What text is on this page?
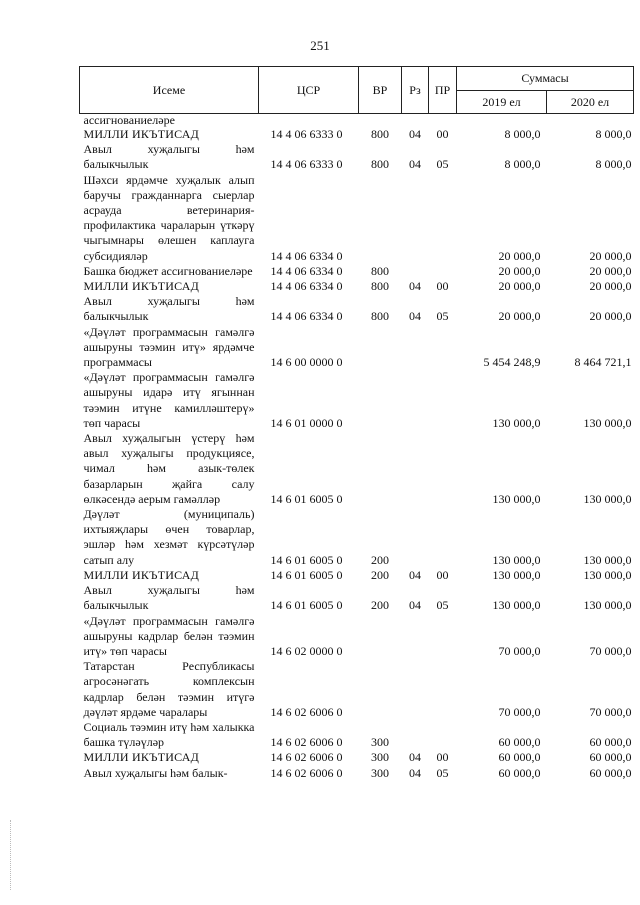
251
Исеме	ЦСР	ВР	Рз	ПР	Суммасы	
					2019 ел	2020 ел
ассигнованиеләре						
МИЛЛИ ИКЪТИСАД	14 4 06 6333 0	800	04	00	8 000,0	8 000,0
Авыл хуҗалыгы һәм балыкчылык	14 4 06 6333 0	800	04	05	8 000,0	8 000,0
Шәхси ярдәмче хуҗалык алып баручы гражданнарга сыерлар асрауда ветеринария-профилактика чараларын үткәрү чыгымнары өлешен каплауга субсидияләр	14 4 06 6334 0				20 000,0	20 000,0
Башка бюджет ассигнованиеләре	14 4 06 6334 0	800			20 000,0	20 000,0
МИЛЛИ ИКЪТИСАД	14 4 06 6334 0	800	04	00	20 000,0	20 000,0
Авыл хуҗалыгы һәм балыкчылык	14 4 06 6334 0	800	04	05	20 000,0	20 000,0
«Дәүләт программасын гамәлгә ашыруны тәэмин итү» ярдәмче программасы	14 6 00 0000 0				5 454 248,9	8 464 721,1
«Дәүләт программасын гамәлгә ашыруны идарә итү ягыннан тәэмин итүне камилләштерү» төп чарасы	14 6 01 0000 0				130 000,0	130 000,0
Авыл хуҗалыгын үстерү һәм авыл хуҗалыгы продукциясе, чимал һәм азык-төлек базарларын җайга салу өлкәсендә аерым гамәлләр	14 6 01 6005 0				130 000,0	130 000,0
Дәүләт (муниципаль) ихтыяҗлары өчен товарлар, эшләр һәм хезмәт күрсәтүләр сатып алу	14 6 01 6005 0	200			130 000,0	130 000,0
МИЛЛИ ИКЪТИСАД	14 6 01 6005 0	200	04	00	130 000,0	130 000,0
Авыл хуҗалыгы һәм балыкчылык	14 6 01 6005 0	200	04	05	130 000,0	130 000,0
«Дәүләт программасын гамәлгә ашыруны кадрлар белән тәэмин итү» төп чарасы	14 6 02 0000 0				70 000,0	70 000,0
Татарстан Республикасы агросәнәгать комплексын кадрлар белән тәэмин итүгә дәүләт ярдәме чаралары	14 6 02 6006 0				70 000,0	70 000,0
Социаль тәэмин итү һәм халыкка башка түләүләр	14 6 02 6006 0	300			60 000,0	60 000,0
МИЛЛИ ИКЪТИСАД	14 6 02 6006 0	300	04	00	60 000,0	60 000,0
Авыл хуҗалыгы һәм балык-	14 6 02 6006 0	300	04	05	60 000,0	60 000,0
